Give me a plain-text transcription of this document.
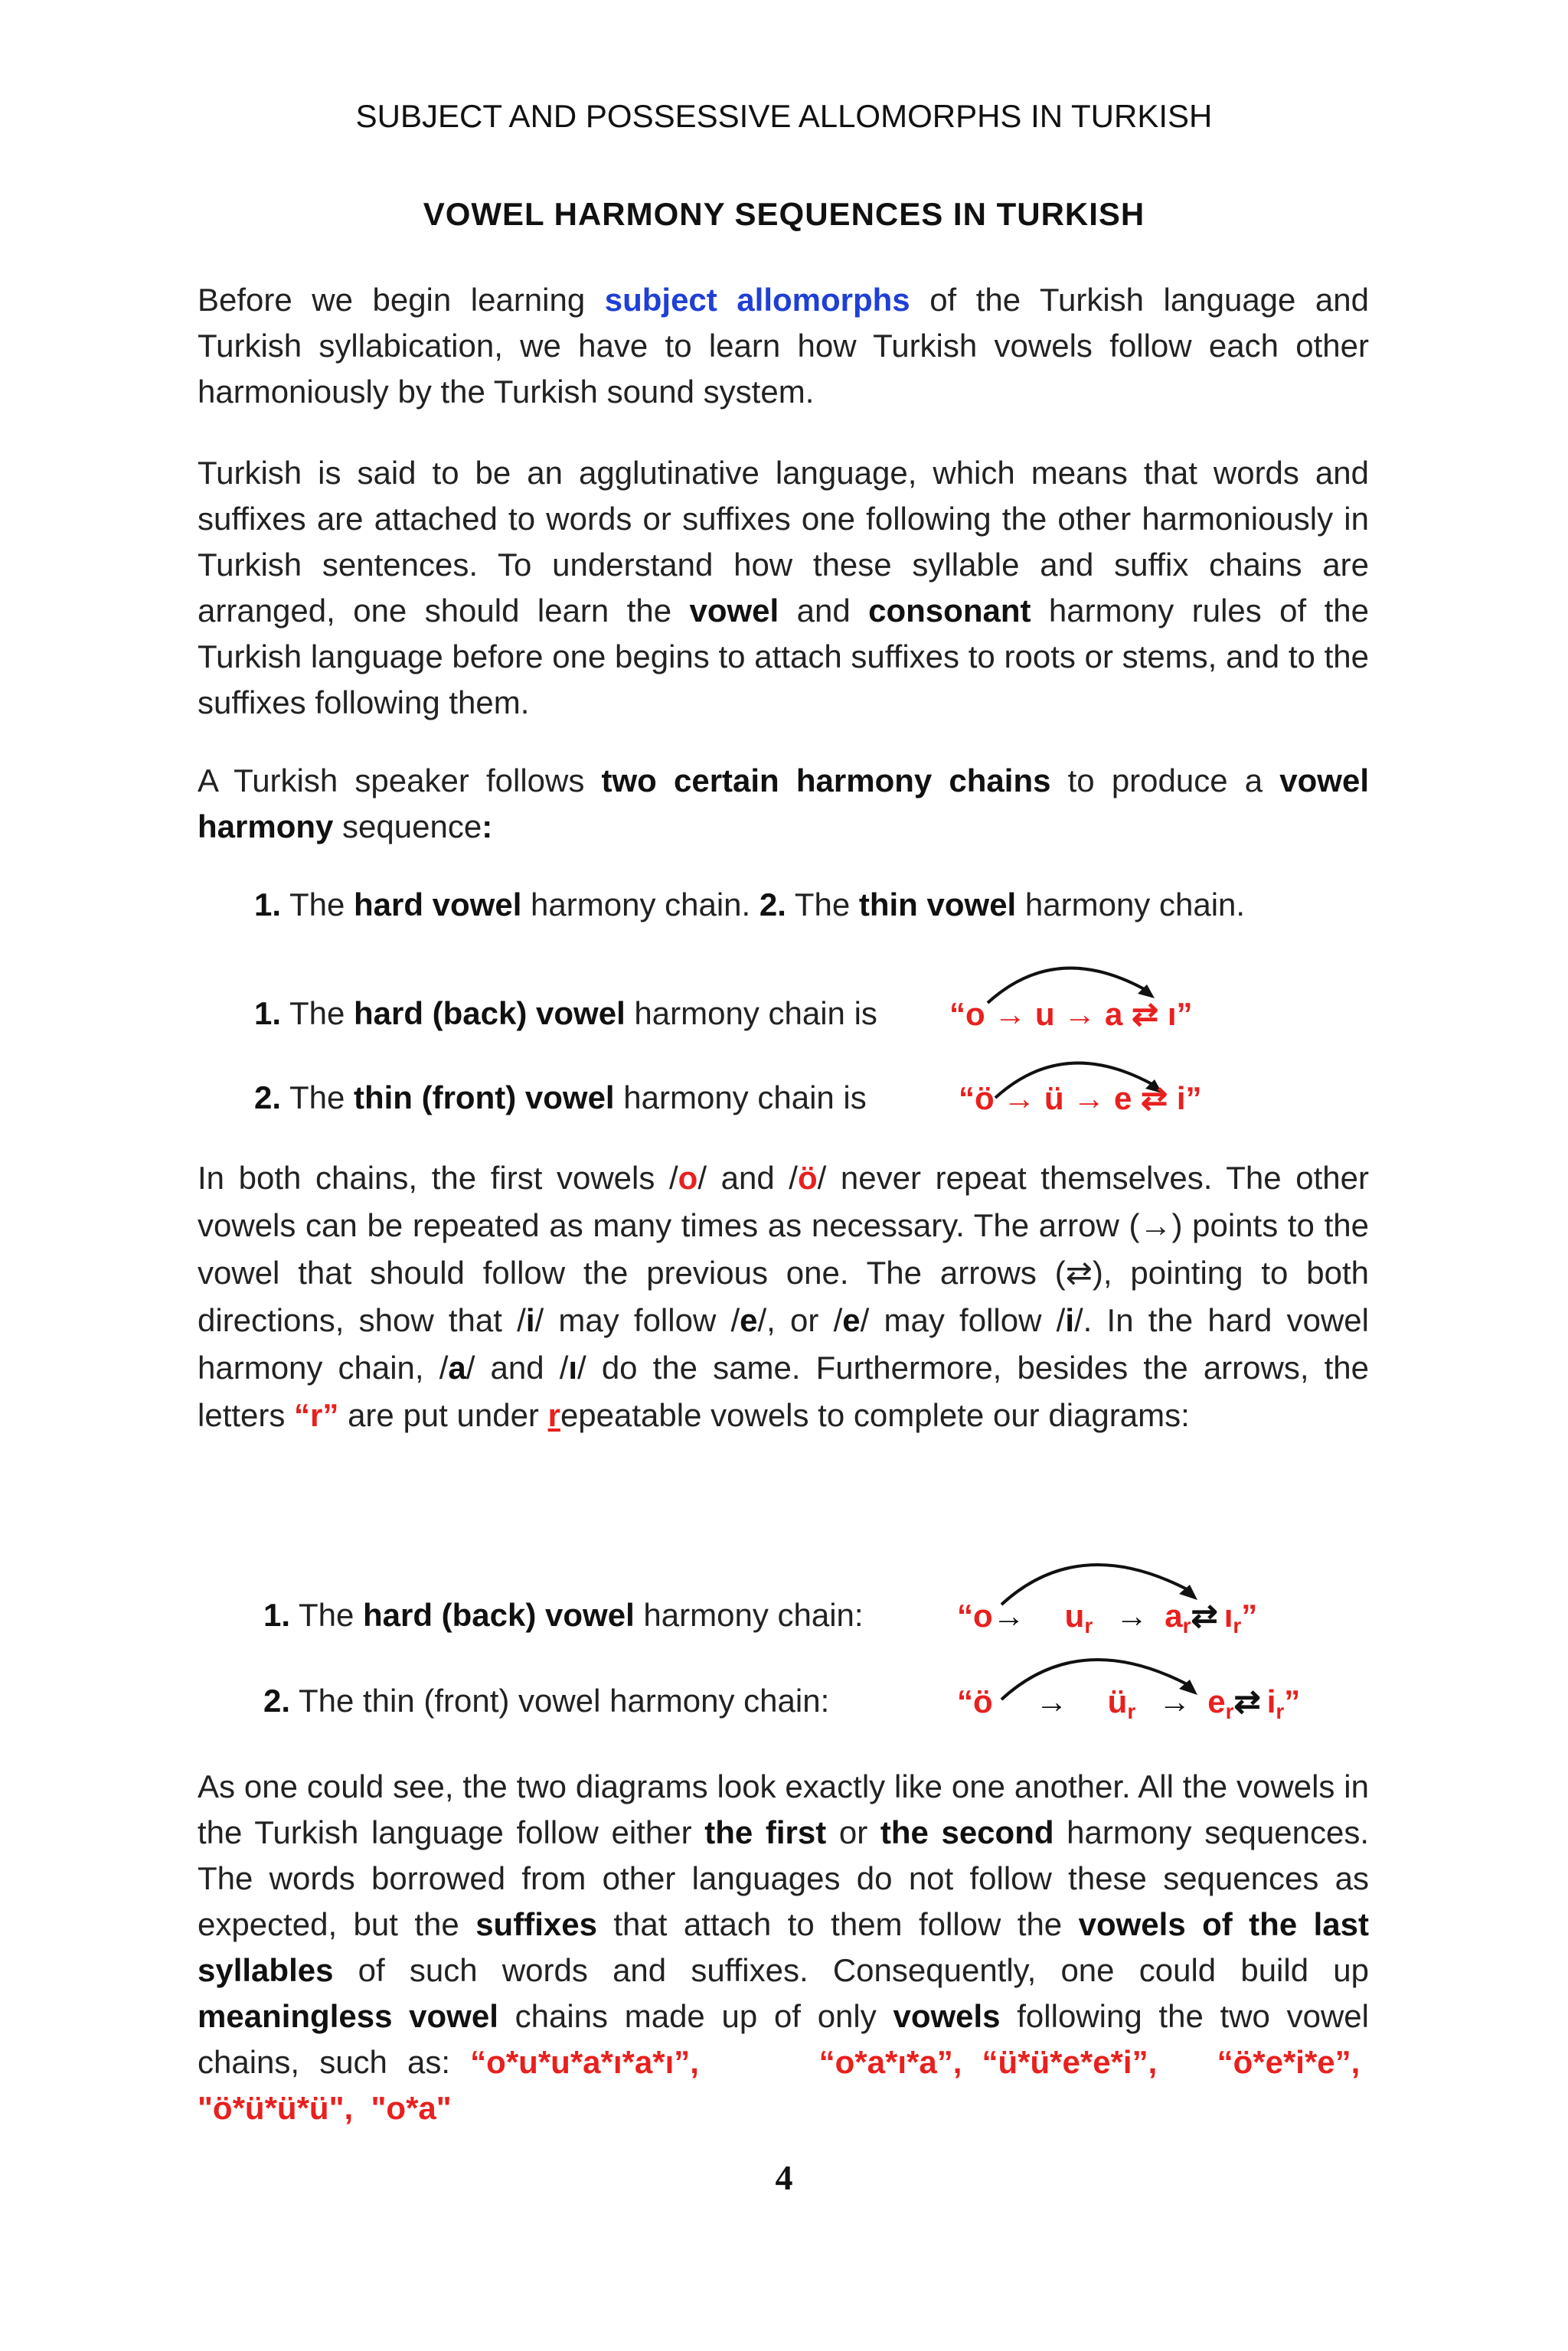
SUBJECT AND POSSESSIVE ALLOMORPHS IN TURKISH
VOWEL HARMONY SEQUENCES IN TURKISH
Before we begin learning subject allomorphs of the Turkish language and Turkish syllabication, we have to learn how Turkish vowels follow each other harmoniously by the Turkish sound system.
Turkish is said to be an agglutinative language, which means that words and suffixes are attached to words or suffixes one following the other harmoniously in Turkish sentences. To understand how these syllable and suffix chains are arranged, one should learn the vowel and consonant harmony rules of the Turkish language before one begins to attach suffixes to roots or stems, and to the suffixes following them.
A Turkish speaker follows two certain harmony chains to produce a vowel harmony sequence:
1. The hard vowel harmony chain. 2. The thin vowel harmony chain.
1. The hard (back) vowel harmony chain is “o → u → a ⇄ ı”
2. The thin (front) vowel harmony chain is	“ö → ü → e ⇄ i”
In both chains, the first vowels /o/ and /ö/ never repeat themselves. The other vowels can be repeated as many times as necessary. The arrow (→) points to the vowel that should follow the previous one. The arrows (⇄), pointing to both directions, show that /i/ may follow /e/, or /e/ may follow /i/. In the hard vowel harmony chain, /a/ and /ı/ do the same. Furthermore, besides the arrows, the letters “r” are put under repeatable vowels to complete our diagrams:
1. The hard (back) vowel harmony chain:	“$o\to u_r$ → $a_r⇄$ $ı_r$”
2. The thin (front) vowel harmony chain:	“ö → $ü_r$ → $e_r⇄$ $i_r$”
As one could see, the two diagrams look exactly like one another. All the vowels in the Turkish language follow either the first or the second harmony sequences. The words borrowed from other languages do not follow these sequences as expected, but the suffixes that attach to them follow the vowels of the last syllables of such words and suffixes. Consequently, one could build up meaningless vowel chains made up of only vowels following the two vowel chains, such as: “o*u*u*a*ı*a*ı”,	“o*a*ı*a”, “ü*ü*e*e*i”, “ö*e*i*e”,  "ö*ü*ü*ü", "o*a"
4
